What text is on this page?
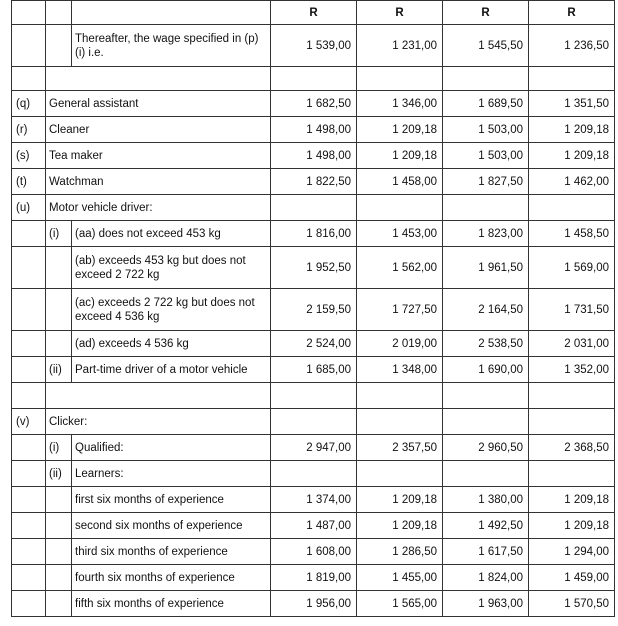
			R	R	R	R
		Thereafter, the wage specified in (p)(i) i.e.	1 539,00	1 231,00	1 545,50	1 236,50

(q)	General assistant		1 682,50	1 346,00	1 689,50	1 351,50
(r)	Cleaner		1 498,00	1 209,18	1 503,00	1 209,18
(s)	Tea maker		1 498,00	1 209,18	1 503,00	1 209,18
(t)	Watchman		1 822,50	1 458,00	1 827,50	1 462,00
(u)	Motor vehicle driver:					
	(i)	(aa) does not exceed 453 kg	1 816,00	1 453,00	1 823,00	1 458,50
		(ab) exceeds 453 kg but does not exceed 2 722 kg	1 952,50	1 562,00	1 961,50	1 569,00
		(ac) exceeds 2 722 kg but does not exceed 4 536 kg	2 159,50	1 727,50	2 164,50	1 731,50
		(ad) exceeds 4 536 kg	2 524,00	2 019,00	2 538,50	2 031,00
	(ii)	Part-time driver of a motor vehicle	1 685,00	1 348,00	1 690,00	1 352,00

(v)	Clicker:					
	(i)	Qualified:	2 947,00	2 357,50	2 960,50	2 368,50
	(ii)	Learners:				
		first six months of experience	1 374,00	1 209,18	1 380,00	1 209,18
		second six months of experience	1 487,00	1 209,18	1 492,50	1 209,18
		third six months of experience	1 608,00	1 286,50	1 617,50	1 294,00
		fourth six months of experience	1 819,00	1 455,00	1 824,00	1 459,00
		fifth six months of experience	1 956,00	1 565,00	1 963,00	1 570,50
